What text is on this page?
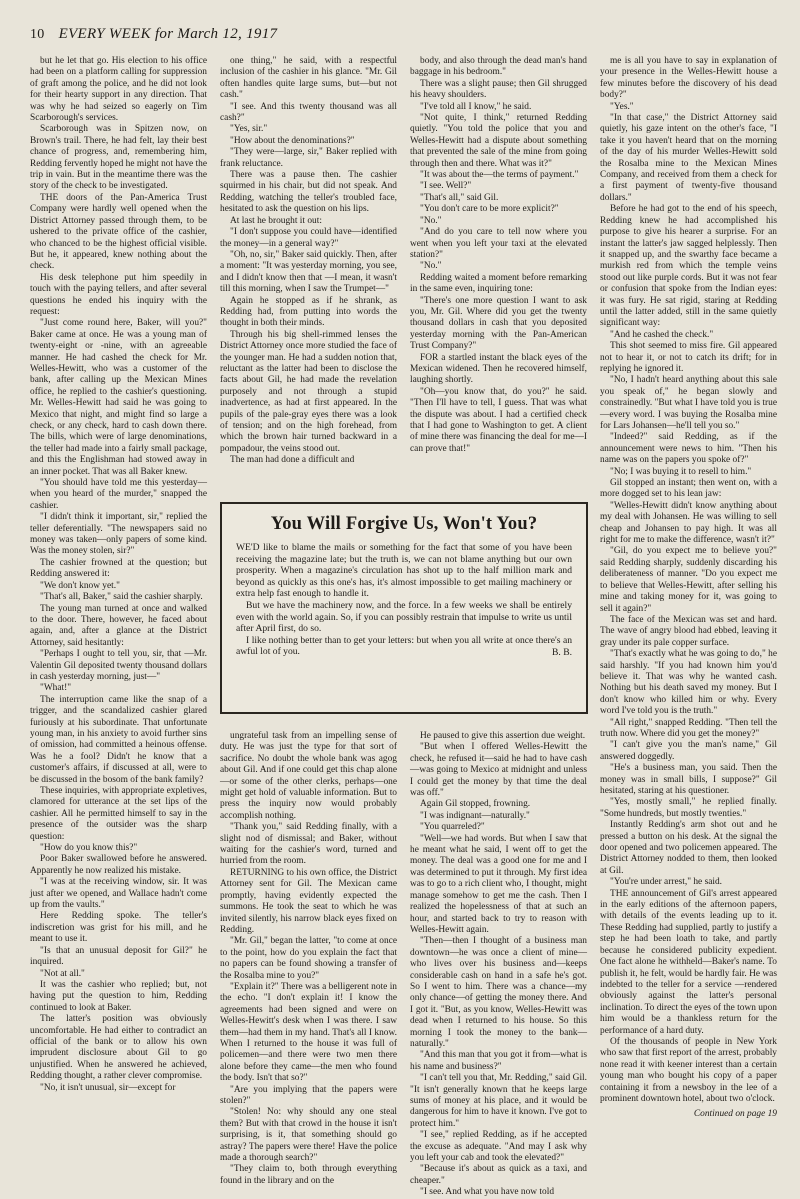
10 EVERY WEEK for March 12, 1917

but he let that go. His election to his office had been on a platform calling for suppression of graft among the police, and he did not look for their hearty support in any direction. That was why he had seized so eagerly on Tim Scarborough's services.

Scarborough was in Spitzen now, on Brown's trail. There, he had felt, lay their best chance of progress, and, remembering him, Redding fervently hoped he might not have the trip in vain. But in the meantime there was the story of the check to be investigated.

THE doors of the Pan-America Trust Company were hardly well opened when the District Attorney passed through them, to be ushered to the private office of the cashier, who chanced to be the highest official visible. But he, it appeared, knew nothing about the check.

His desk telephone put him speedily in touch with the paying tellers, and after several questions he ended his inquiry with the request:

"Just come round here, Baker, will you?" Baker came at once. He was a young man of twenty-eight or -nine, with an agreeable manner. He had cashed the check for Mr. Welles-Hewitt, who was a customer of the bank, after calling up the Mexican Mines office, he replied to the cashier's questioning. Mr. Welles-Hewitt had said he was going to Mexico that night, and might find so large a check, or any check, hard to cash down there. The bills, which were of large denominations, the teller had made into a fairly small package, and this the Englishman had stowed away in an inner pocket. That was all Baker knew.

"You should have told me this yesterday—when you heard of the murder," snapped the cashier.

"I didn't think it important, sir," replied the teller deferentially. "The newspapers said no money was taken—only papers of some kind. Was the money stolen, sir?"

The cashier frowned at the question; but Redding answered it:

"We don't know yet."

"That's all, Baker," said the cashier sharply.

The young man turned at once and walked to the door. There, however, he faced about again, and, after a glance at the District Attorney, said hesitantly:

"Perhaps I ought to tell you, sir, that —Mr. Valentin Gil deposited twenty thousand dollars in cash yesterday morning, just—"

"What!"

The interruption came like the snap of a trigger, and the scandalized cashier glared furiously at his subordinate. That unfortunate young man, in his anxiety to avoid further sins of omission, had committed a heinous offense. Was he a fool? Didn't he know that a customer's affairs, if discussed at all, were to be discussed in the bosom of the bank family?

These inquiries, with appropriate expletives, clamored for utterance at the set lips of the cashier. All he permitted himself to say in the presence of the outsider was the sharp question:

"How do you know this?"

Poor Baker swallowed before he answered. Apparently he now realized his mistake.

"I was at the receiving window, sir. It was just after we opened, and Wallace hadn't come up from the vaults."

Here Redding spoke. The teller's indiscretion was grist for his mill, and he meant to use it.

"Is that an unusual deposit for Gil?" he inquired.

"Not at all."

It was the cashier who replied; but, not having put the question to him, Redding continued to look at Baker.

The latter's position was obviously uncomfortable. He had either to contradict an official of the bank or to allow his own imprudent disclosure about Gil to go unjustified. When he answered he achieved, Redding thought, a rather clever compromise.

"No, it isn't unusual, sir—except for

one thing," he said, with a respectful inclusion of the cashier in his glance. "Mr. Gil often handles quite large sums, but—but not cash."

"I see. And this twenty thousand was all cash?"

"Yes, sir."

"How about the denominations?"

"They were—large, sir," Baker replied with frank reluctance.

There was a pause then. The cashier squirmed in his chair, but did not speak. And Redding, watching the teller's troubled face, hesitated to ask the question on his lips.

At last he brought it out:

"I don't suppose you could have—identified the money—in a general way?"

"Oh, no, sir," Baker said quickly. Then, after a moment: "It was yesterday morning, you see, and I didn't know then that —I mean, it wasn't till this morning, when I saw the Trumpet—"

Again he stopped as if he shrank, as Redding had, from putting into words the thought in both their minds.

Through his big shell-rimmed lenses the District Attorney once more studied the face of the younger man. He had a sudden notion that, reluctant as the latter had been to disclose the facts about Gil, he had made the revelation purposely and not through a stupid inadvertence, as had at first appeared. In the pupils of the pale-gray eyes there was a look of tension; and on the high forehead, from which the brown hair turned backward in a pompadour, the veins stood out.

The man had done a difficult and

body, and also through the dead man's hand baggage in his bedroom."

There was a slight pause; then Gil shrugged his heavy shoulders.

"I've told all I know," he said.

"Not quite, I think," returned Redding quietly. "You told the police that you and Welles-Hewitt had a dispute about something that prevented the sale of the mine from going through then and there. What was it?"

"It was about the—the terms of payment."

"I see. Well?"

"That's all," said Gil.

"You don't care to be more explicit?"

"No."

"And do you care to tell now where you went when you left your taxi at the elevated station?"

"No."

Redding waited a moment before remarking in the same even, inquiring tone:

"There's one more question I want to ask you, Mr. Gil. Where did you get the twenty thousand dollars in cash that you deposited yesterday morning with the Pan-American Trust Company?"

FOR a startled instant the black eyes of the Mexican widened. Then he recovered himself, laughing shortly.

"Oh—you know that, do you?" he said. "Then I'll have to tell, I guess. That was what the dispute was about. I had a certified check that I had gone to Washington to get. A client of mine there was financing the deal for me—I can prove that!"

You Will Forgive Us, Won't You?

WE'D like to blame the mails or something for the fact that some of you have been receiving the magazine late; but the truth is, we can not blame anything but our own prosperity. When a magazine's circulation has shot up to the half million mark and beyond as quickly as this one's has, it's almost impossible to get mailing machinery or extra help fast enough to handle it.

But we have the machinery now, and the force. In a few weeks we shall be entirely even with the world again. So, if you can possibly restrain that impulse to write us until after April first, do so.

I like nothing better than to get your letters: but when you all write at once there's an awful lot of you.	B. B.

ungrateful task from an impelling sense of duty. He was just the type for that sort of sacrifice. No doubt the whole bank was agog about Gil. And if one could get this chap alone—or some of the other clerks, perhaps—one might get hold of valuable information. But to press the inquiry now would probably accomplish nothing.

"Thank you," said Redding finally, with a slight nod of dismissal; and Baker, without waiting for the cashier's word, turned and hurried from the room.

RETURNING to his own office, the District Attorney sent for Gil. The Mexican came promptly, having evidently expected the summons. He took the seat to which he was invited silently, his narrow black eyes fixed on Redding.

"Mr. Gil," began the latter, "to come at once to the point, how do you explain the fact that no papers can be found showing a transfer of the Rosalba mine to you?"

"Explain it?" There was a belligerent note in the echo. "I don't explain it! I know the agreements had been signed and were on Welles-Hewitt's desk when I was there. I saw them—had them in my hand. That's all I know. When I returned to the house it was full of policemen—and there were two men there alone before they came—the men who found the body. Isn't that so?"

"Are you implying that the papers were stolen?"

"Stolen! No: why should any one steal them? But with that crowd in the house it isn't surprising, is it, that something should go astray? The papers were there! Have the police made a thorough search?"

"They claim to, both through everything found in the library and on the

He paused to give this assertion due weight.

"But when I offered Welles-Hewitt the check, he refused it—said he had to have cash—was going to Mexico at midnight and unless I could get the money by that time the deal was off."

Again Gil stopped, frowning.

"I was indignant—naturally."

"You quarreled?"

"Well—we had words. But when I saw that he meant what he said, I went off to get the money. The deal was a good one for me and I was determined to put it through. My first idea was to go to a rich client who, I thought, might manage somehow to get me the cash. Then I realized the hopelessness of that at such an hour, and started back to try to reason with Welles-Hewitt again.

"Then—then I thought of a business man downtown—he was once a client of mine—who lives over his business and—keeps considerable cash on hand in a safe he's got. So I went to him. There was a chance—my only chance—of getting the money there. And I got it. "But, as you know, Welles-Hewitt was dead when I returned to his house. So this morning I took the money to the bank—naturally."

"And this man that you got it from—what is his name and business?"

"I can't tell you that, Mr. Redding," said Gil. "It isn't generally known that he keeps large sums of money at his place, and it would be dangerous for him to have it known. I've got to protect him."

"I see," replied Redding, as if he accepted the excuse as adequate. "And may I ask why you left your cab and took the elevated?"

"Because it's about as quick as a taxi, and cheaper."

"I see. And what you have now told

me is all you have to say in explanation of your presence in the Welles-Hewitt house a few minutes before the discovery of his dead body?"

"Yes."

"In that case," the District Attorney said quietly, his gaze intent on the other's face, "I take it you haven't heard that on the morning of the day of his murder Welles-Hewitt sold the Rosalba mine to the Mexican Mines Company, and received from them a check for a first payment of twenty-five thousand dollars."

Before he had got to the end of his speech, Redding knew he had accomplished his purpose to give his hearer a surprise. For an instant the latter's jaw sagged helplessly. Then it snapped up, and the swarthy face became a murkish red from which the temple veins stood out like purple cords. But it was not fear or confusion that spoke from the Indian eyes: it was fury. He sat rigid, staring at Redding until the latter added, still in the same quietly significant way:

"And he cashed the check."

This shot seemed to miss fire. Gil appeared not to hear it, or not to catch its drift; for in replying he ignored it.

"No, I hadn't heard anything about this sale you speak of," he began slowly and constrainedly. "But what I have told you is true—every word. I was buying the Rosalba mine for Lars Johansen—he'll tell you so."

"Indeed?" said Redding, as if the announcement were news to him. "Then his name was on the papers you spoke of?"

"No; I was buying it to resell to him."

Gil stopped an instant; then went on, with a more dogged set to his lean jaw:

"Welles-Hewitt didn't know anything about my deal with Johansen. He was willing to sell cheap and Johansen to pay high. It was all right for me to make the difference, wasn't it?"

"Gil, do you expect me to believe you?" said Redding sharply, suddenly discarding his deliberateness of manner. "Do you expect me to believe that Welles-Hewitt, after selling his mine and taking money for it, was going to sell it again?"

The face of the Mexican was set and hard. The wave of angry blood had ebbed, leaving it gray under its pale copper surface.

"That's exactly what he was going to do," he said harshly. "If you had known him you'd believe it. That was why he wanted cash. Nothing but his death saved my money. But I don't know who killed him or why. Every word I've told you is the truth."

"All right," snapped Redding. "Then tell the truth now. Where did you get the money?"

"I can't give you the man's name," Gil answered doggedly.

"He's a business man, you said. Then the money was in small bills, I suppose?" Gil hesitated, staring at his questioner.

"Yes, mostly small," he replied finally. "Some hundreds, but mostly twenties."

Instantly Redding's arm shot out and he pressed a button on his desk. At the signal the door opened and two policemen appeared. The District Attorney nodded to them, then looked at Gil.

"You're under arrest," he said.

THE announcement of Gil's arrest appeared in the early editions of the afternoon papers, with details of the events leading up to it. These Redding had supplied, partly to justify a step he had been loath to take, and partly because he considered publicity expedient. One fact alone he withheld—Baker's name. To publish it, he felt, would be hardly fair. He was indebted to the teller for a service —rendered obviously against the latter's personal inclination. To direct the eyes of the town upon him would be a thankless return for the performance of a hard duty.

Of the thousands of people in New York who saw that first report of the arrest, probably none read it with keener interest than a certain young man who bought his copy of a paper containing it from a newsboy in the lee of a prominent downtown hotel, about two o'clock.

Continued on page 19
